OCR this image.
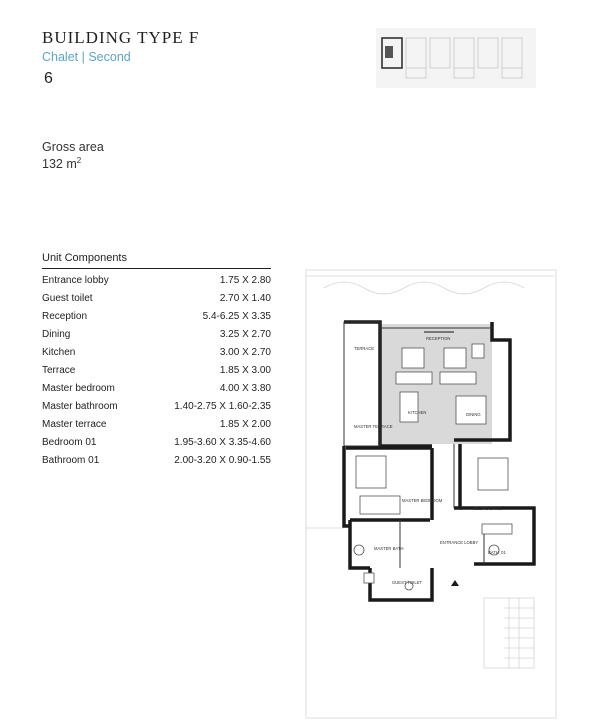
BUILDING TYPE F
Chalet | Second
6
Gross area
132 $m^2$
Unit Components
Entrance lobby	1.75 X 2.80
Guest toilet	2.70 X 1.40
Reception	5.4-6.25 X 3.35
Dining	3.25 X 2.70
Kitchen	3.00 X 2.70
Terrace	1.85 X 3.00
Master bedroom	4.00 X 3.80
Master bathroom	1.40-2.75 X 1.60-2.35
Master terrace	1.85 X 2.00
Bedroom 01	1.95-3.60 X 3.35-4.60
Bathroom 01	2.00-3.20 X 0.90-1.55
RECEPTION
TERRACE
KITCHEN	DINING
MASTER TERRACE
MASTER BEDROOM
BEDROOM 01
MASTER BATH
ENTRANCE LOBBY
BATH. 01
GUEST TOILET
